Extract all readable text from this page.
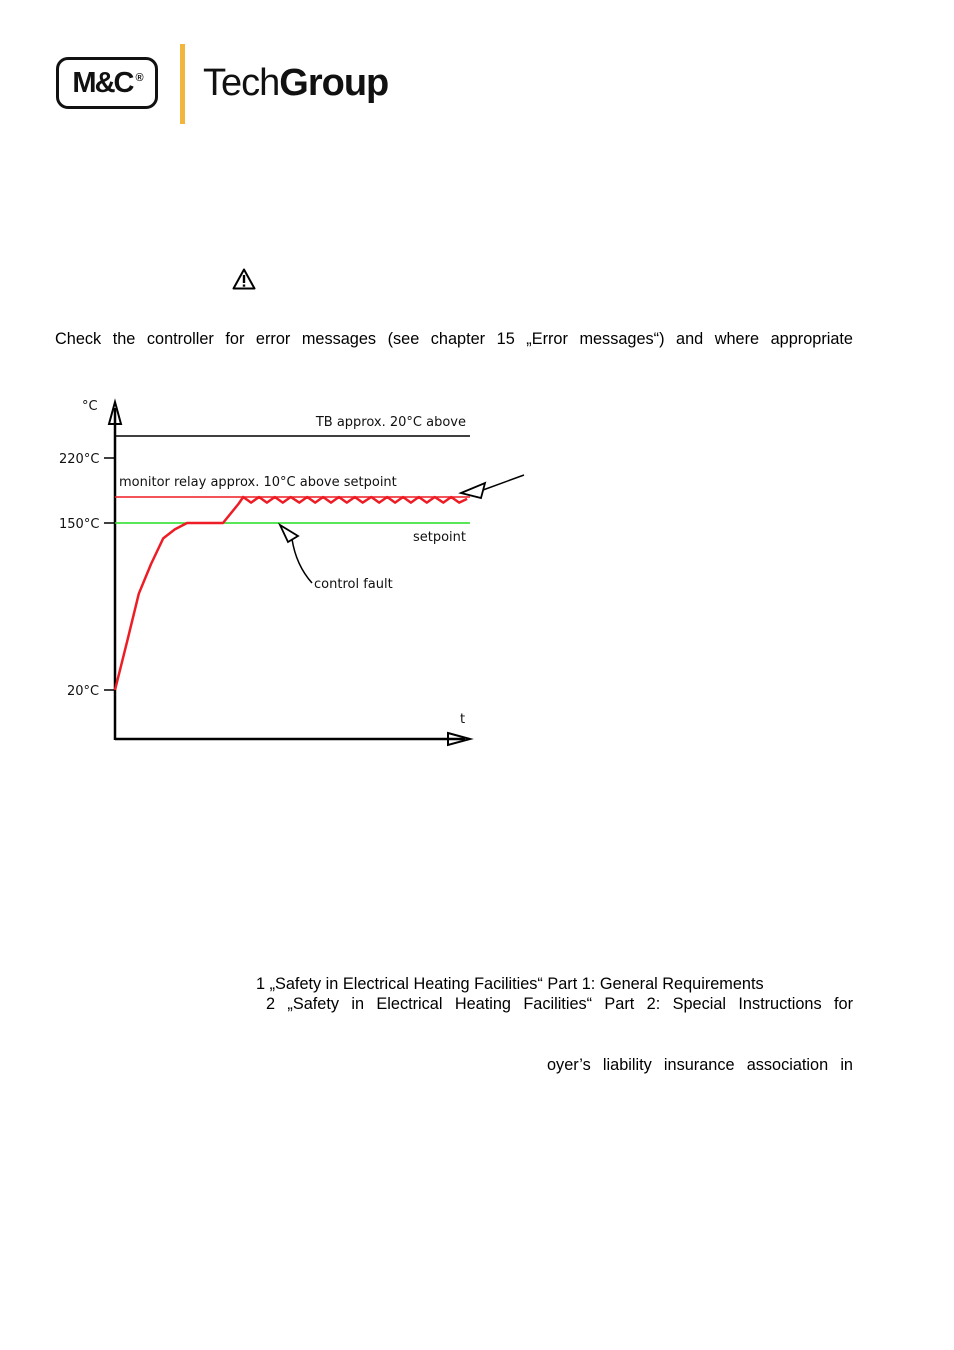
M&C ® TechGroup
Check the controller for error messages (see chapter 15 „Error messages“) and where appropriate
°C
t
220°C
150°C
20°C
TB approx. 20°C above
monitor relay approx. 10°C above setpoint
setpoint
control fault
1 „Safety in Electrical Heating Facilities“ Part 1: General Requirements
2 „Safety in Electrical Heating Facilities“ Part 2: Special Instructions for
oyer’s liability insurance association in
